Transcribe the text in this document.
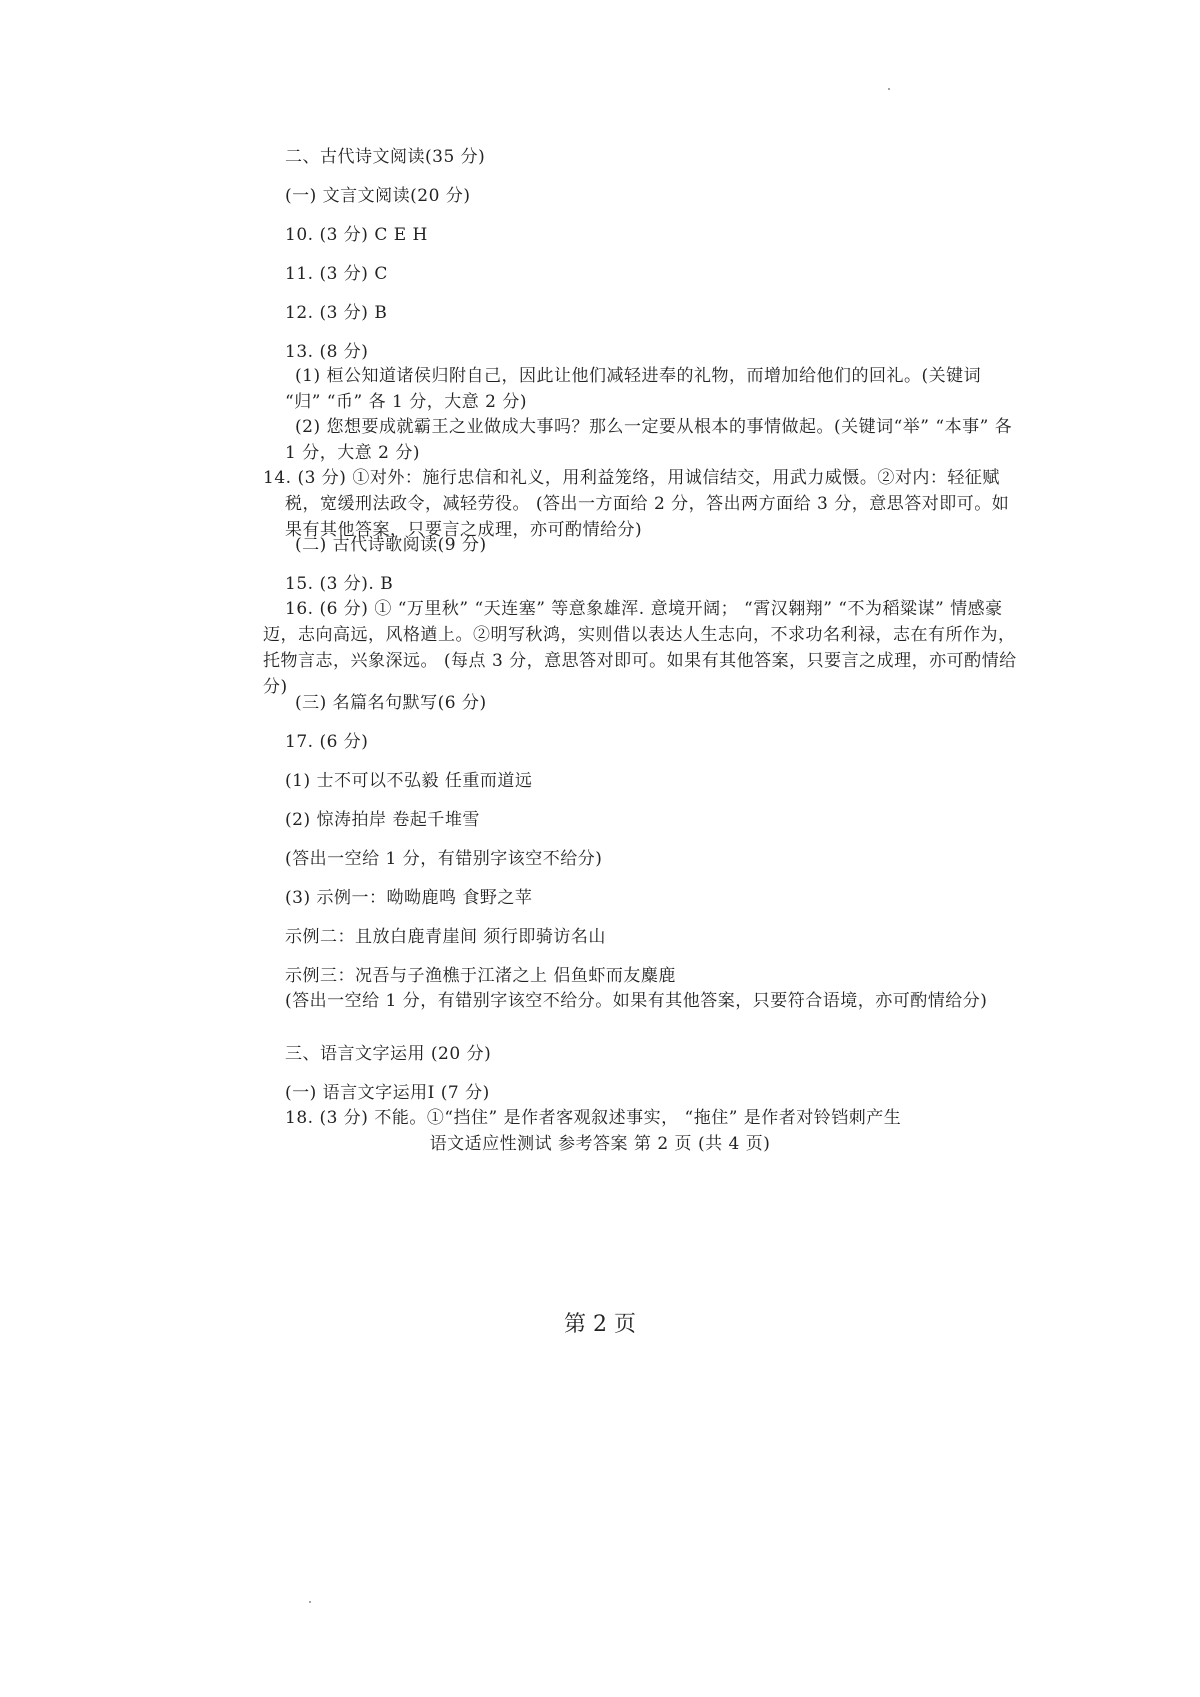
二、古代诗文阅读(35 分)
(一) 文言文阅读(20 分)
10. (3 分) C E H
11. (3 分) C
12. (3 分) B
13. (8 分)
(1) 桓公知道诸侯归附自己，因此让他们减轻进奉的礼物，而增加给他们的回礼。(关键词 “归” “币” 各 1 分，大意 2 分)
(2) 您想要成就霸王之业做成大事吗？那么一定要从根本的事情做起。(关键词“举” “本事” 各 1 分，大意 2 分)
14. (3 分) ①对外：施行忠信和礼义，用利益笼络，用诚信结交，用武力威慑。②对内：轻征赋税，宽缓刑法政令，减轻劳役。 (答出一方面给 2 分，答出两方面给 3 分，意思答对即可。如果有其他答案，只要言之成理，亦可酌情给分)
(二) 古代诗歌阅读(9 分)
15. (3 分). B
16. (6 分) ① “万里秋” “天连塞” 等意象雄浑. 意境开阔； “霄汉翱翔” “不为稻粱谋” 情感豪迈，志向高远，风格遒上。②明写秋鸿，实则借以表达人生志向，不求功名利禄，志在有所作为，托物言志，兴象深远。 (每点 3 分，意思答对即可。如果有其他答案，只要言之成理，亦可酌情给分)
(三) 名篇名句默写(6 分)
17. (6 分)
(1) 士不可以不弘毅 任重而道远
(2) 惊涛拍岸 卷起千堆雪
(答出一空给 1 分，有错别字该空不给分)
(3) 示例一：呦呦鹿鸣 食野之苹
示例二：且放白鹿青崖间 须行即骑访名山
示例三：况吾与子渔樵于江渚之上 侣鱼虾而友麋鹿
(答出一空给 1 分，有错别字该空不给分。如果有其他答案，只要符合语境，亦可酌情给分)
三、语言文字运用 (20 分)
(一) 语言文字运用Ⅰ (7 分)
18. (3 分) 不能。①“挡住” 是作者客观叙述事实， “拖住” 是作者对铃铛刺产生
语文适应性测试 参考答案 第 2 页 (共 4 页)
第 2 页
